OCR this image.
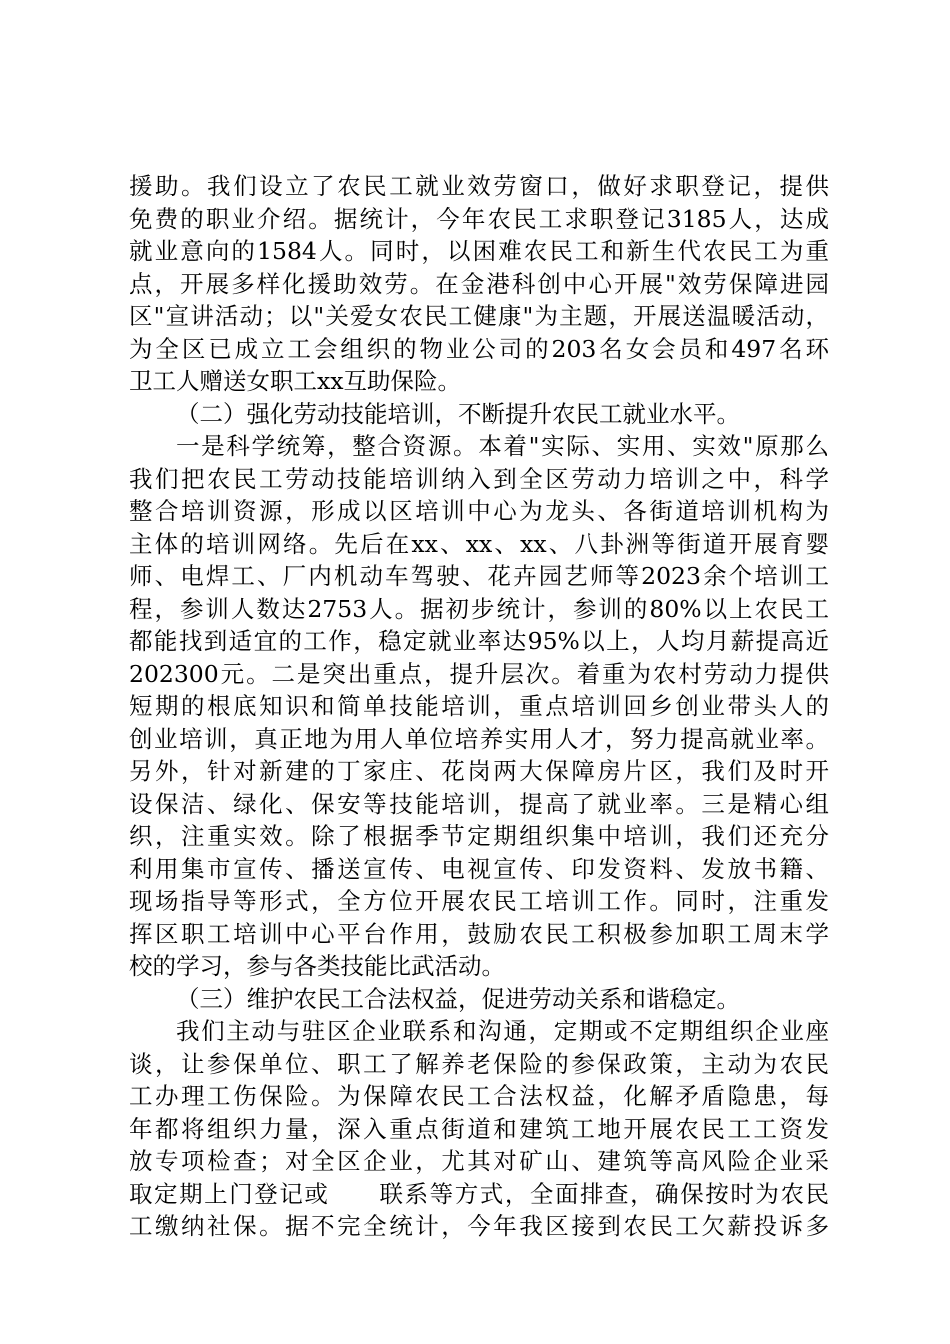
援助。我们设立了农民工就业效劳窗口，做好求职登记，提供
免费的职业介绍。据统计，今年农民工求职登记3185人，达成
就业意向的1584人。同时，以困难农民工和新生代农民工为重
点，开展多样化援助效劳。在金港科创中心开展"效劳保障进园
区"宣讲活动；以"关爱女农民工健康"为主题，开展送温暖活动，
为全区已成立工会组织的物业公司的203名女会员和497名环
卫工人赠送女职工xx互助保险。
（二）强化劳动技能培训，不断提升农民工就业水平。
一是科学统筹，整合资源。本着"实际、实用、实效"原那么
我们把农民工劳动技能培训纳入到全区劳动力培训之中，科学
整合培训资源，形成以区培训中心为龙头、各街道培训机构为
主体的培训网络。先后在xx、xx、xx、八卦洲等街道开展育婴
师、电焊工、厂内机动车驾驶、花卉园艺师等2023余个培训工
程，参训人数达2753人。据初步统计，参训的80%以上农民工
都能找到适宜的工作，稳定就业率达95%以上，人均月薪提高近
202300元。二是突出重点，提升层次。着重为农村劳动力提供
短期的根底知识和简单技能培训，重点培训回乡创业带头人的
创业培训，真正地为用人单位培养实用人才，努力提高就业率。
另外，针对新建的丁家庄、花岗两大保障房片区，我们及时开
设保洁、绿化、保安等技能培训，提高了就业率。三是精心组
织，注重实效。除了根据季节定期组织集中培训，我们还充分
利用集市宣传、播送宣传、电视宣传、印发资料、发放书籍、
现场指导等形式，全方位开展农民工培训工作。同时，注重发
挥区职工培训中心平台作用，鼓励农民工积极参加职工周末学
校的学习，参与各类技能比武活动。
（三）维护农民工合法权益，促进劳动关系和谐稳定。
我们主动与驻区企业联系和沟通，定期或不定期组织企业座
谈，让参保单位、职工了解养老保险的参保政策，主动为农民
工办理工伤保险。为保障农民工合法权益，化解矛盾隐患，每
年都将组织力量，深入重点街道和建筑工地开展农民工工资发
放专项检查；对全区企业，尤其对矿山、建筑等高风险企业采
取定期上门登记或　　联系等方式，全面排查，确保按时为农民
工缴纳社保。据不完全统计，今年我区接到农民工欠薪投诉多
